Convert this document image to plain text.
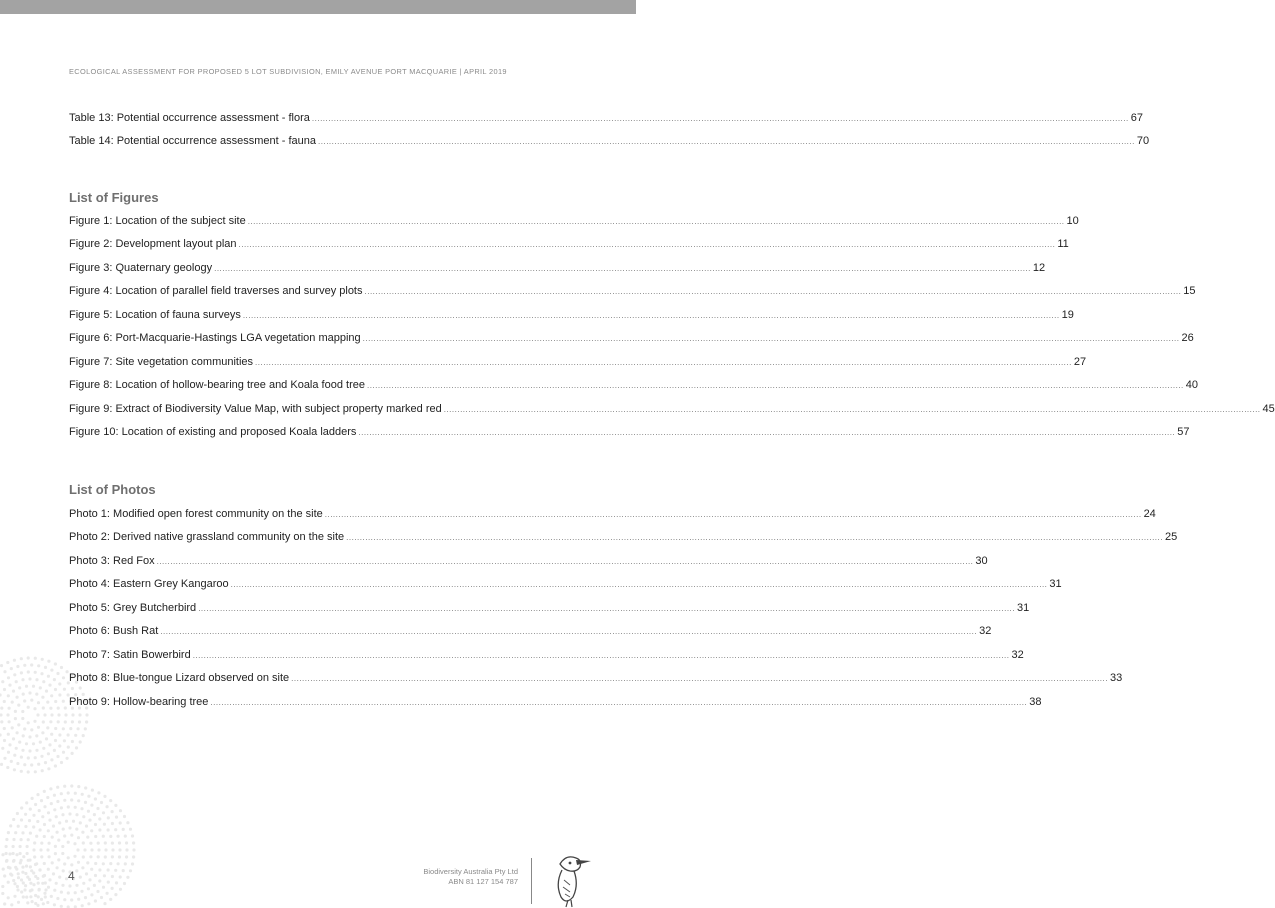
ECOLOGICAL ASSESSMENT FOR PROPOSED 5 LOT SUBDIVISION, EMILY AVENUE PORT MACQUARIE | APRIL 2019
Table 13: Potential occurrence assessment - flora ............................................................................................................................................................................................................................................................................................................ 67
Table 14: Potential occurrence assessment - fauna ............................................................................................................................................................................................................................................................................................................ 70
List of Figures
Figure 1: Location of the subject site ............................................................................................................................................................................................................................................................................................................ 10
Figure 2: Development layout plan ............................................................................................................................................................................................................................................................................................................ 11
Figure 3: Quaternary geology ............................................................................................................................................................................................................................................................................................................ 12
Figure 4: Location of parallel field traverses and survey plots ............................................................................................................................................................................................................................................................................................................ 15
Figure 5: Location of fauna surveys ............................................................................................................................................................................................................................................................................................................ 19
Figure 6: Port-Macquarie-Hastings LGA vegetation mapping ............................................................................................................................................................................................................................................................................................................ 26
Figure 7: Site vegetation communities ............................................................................................................................................................................................................................................................................................................ 27
Figure 8: Location of hollow-bearing tree and Koala food tree ............................................................................................................................................................................................................................................................................................................ 40
Figure 9: Extract of Biodiversity Value Map, with subject property marked red ............................................................................................................................................................................................................................................................................................................ 45
Figure 10: Location of existing and proposed Koala ladders ............................................................................................................................................................................................................................................................................................................ 57
List of Photos
Photo 1: Modified open forest community on the site ............................................................................................................................................................................................................................................................................................................ 24
Photo 2: Derived native grassland community on the site ............................................................................................................................................................................................................................................................................................................ 25
Photo 3: Red Fox ............................................................................................................................................................................................................................................................................................................ 30
Photo 4: Eastern Grey Kangaroo ............................................................................................................................................................................................................................................................................................................ 31
Photo 5: Grey Butcherbird ............................................................................................................................................................................................................................................................................................................ 31
Photo 6: Bush Rat ............................................................................................................................................................................................................................................................................................................ 32
Photo 7: Satin Bowerbird ............................................................................................................................................................................................................................................................................................................ 32
Photo 8: Blue-tongue Lizard observed on site ............................................................................................................................................................................................................................................................................................................ 33
Photo 9: Hollow-bearing tree ............................................................................................................................................................................................................................................................................................................ 38
4	Biodiversity Australia Pty Ltd
ABN 81 127 154 787
